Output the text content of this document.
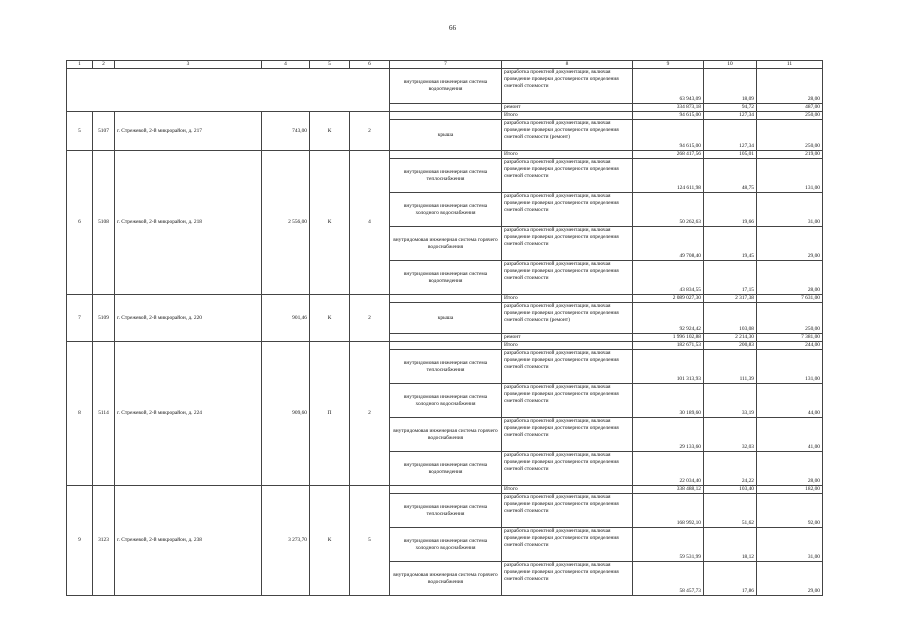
66
1	2	3	4	5	6	7	8	9	10	11
						внутридомовая инженерная система водоотведения	разработка проектной документации, включая проведение проверки достоверности определения сметной стоимости	63 943,09	18,09	28,00
							ремонт	334 873,18	94,72	487,00
5	5107	г. Стрежевой, 2-й микрорайон, д. 217	743,00	К	2		Итого	94 615,00	127,34	250,00
						крыша	разработка проектной документации, включая проведение проверки достоверности определения сметной стоимости (ремонт)	94 615,00	127,34	250,00
6	5108	г. Стрежевой, 2-й микрорайон, д. 218	2 556,00	К	4		Итого	268 417,56	105,01	219,00
						внутридомовая инженерная система теплоснабжения	разработка проектной документации, включая проведение проверки достоверности определения сметной стоимости	124 611,98	48,75	131,00
						внутридомовая инженерная система холодного водоснабжения	разработка проектной документации, включая проведение проверки достоверности определения сметной стоимости	50 262,63	19,66	31,00
						внутридомовая инженерная система горячего водоснабжения	разработка проектной документации, включая проведение проверки достоверности определения сметной стоимости	49 708,40	19,45	29,00
						внутридомовая инженерная система водоотведения	разработка проектной документации, включая проведение проверки достоверности определения сметной стоимости	43 834,55	17,15	28,00
7	5109	г. Стрежевой, 2-й микрорайон, д. 220	901,46	К	2		Итого	2 089 027,30	2 317,38	7 631,00
						крыша	разработка проектной документации, включая проведение проверки достоверности определения сметной стоимости (ремонт)	92 924,42	103,08	250,00
							ремонт	1 996 102,88	2 214,30	7 381,00
8	5114	г. Стрежевой, 2-й микрорайон, д. 224	909,60	П	2		Итого	182 671,53	200,83	244,00
						внутридомовая инженерная система теплоснабжения	разработка проектной документации, включая проведение проверки достоверности определения сметной стоимости	101 313,93	111,39	131,00
						внутридомовая инженерная система холодного водоснабжения	разработка проектной документации, включая проведение проверки достоверности определения сметной стоимости	30 189,60	33,19	44,00
						внутридомовая инженерная система горячего водоснабжения	разработка проектной документации, включая проведение проверки достоверности определения сметной стоимости	29 133,60	32,03	41,00
						внутридомовая инженерная система водоотведения	разработка проектной документации, включая проведение проверки достоверности определения сметной стоимости	22 034,40	24,22	28,00
9	3123	г. Стрежевой, 2-й микрорайон, д. 238	3 273,70	К	5		Итого	338 488,12	103,40	182,00
						внутридомовая инженерная система теплоснабжения	разработка проектной документации, включая проведение проверки достоверности определения сметной стоимости	168 992,10	51,62	92,00
						внутридомовая инженерная система холодного водоснабжения	разработка проектной документации, включая проведение проверки достоверности определения сметной стоимости	59 531,99	18,12	31,00
						внутридомовая инженерная система горячего водоснабжения	разработка проектной документации, включая проведение проверки достоверности определения сметной стоимости	58 457,73	17,86	29,00
